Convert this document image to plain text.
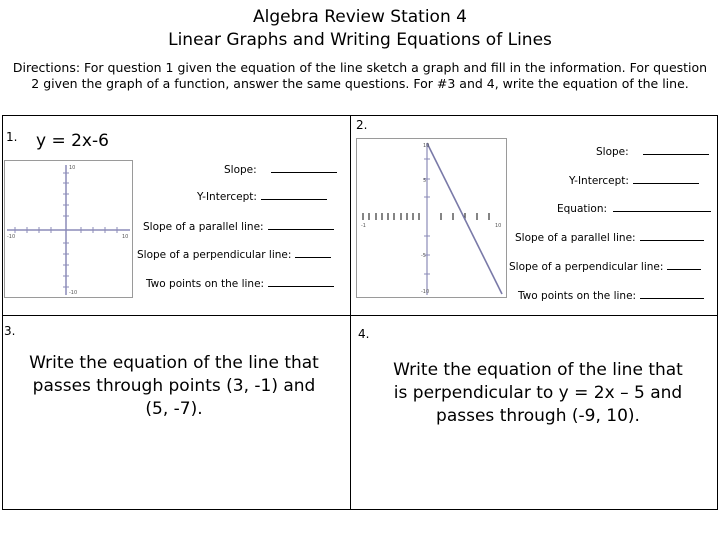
Algebra Review Station 4
Linear Graphs and Writing Equations of Lines
Directions: For question 1 given the equation of the line sketch a graph and fill in the information. For question 2 given the graph of a function, answer the same questions. For #3 and 4, write the equation of the line.
1. y = 2x-6
10
-10
-10	10
Slope:
Y-Intercept:
Slope of a parallel line:
Slope of a perpendicular line:
Two points on the line:
2.
10
5
-5
-10
-1	10
Slope:
Y-Intercept:
Equation:
Slope of a parallel line:
Slope of a perpendicular line:
Two points on the line:
3.
Write the equation of the line that passes through points (3, -1) and (5, -7).
4.
Write the equation of the line that is perpendicular to y = 2x – 5 and passes through (-9, 10).
